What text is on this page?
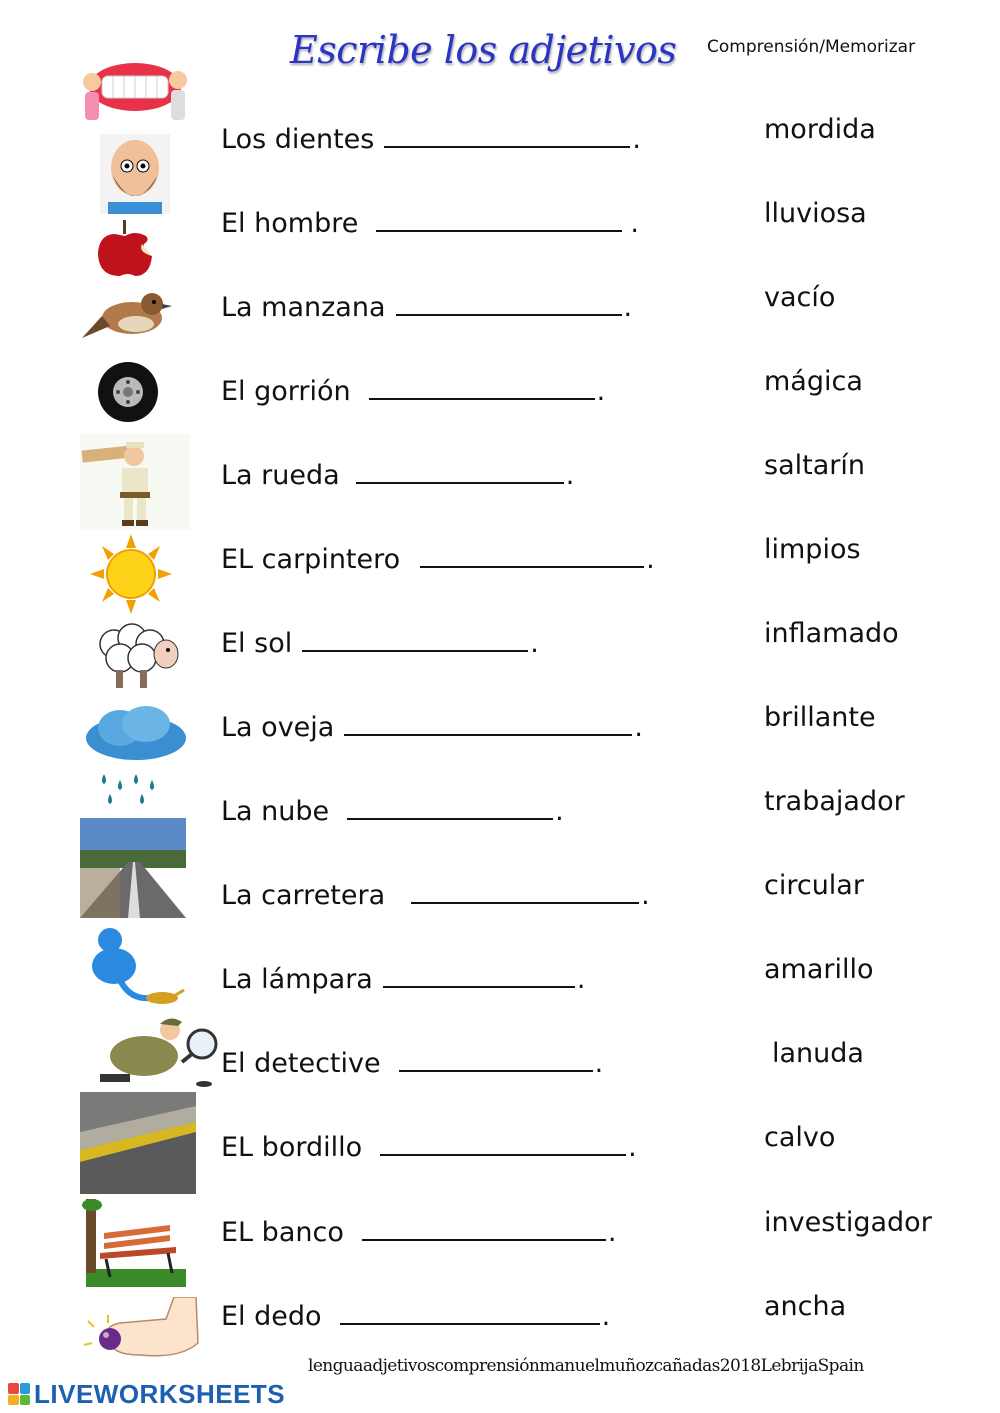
Escribe los adjetivos Comprensión/Memorizar
Los dientes	.	mordida
El hombre	.	lluviosa
La manzana	.	vacío
El gorrión	.	mágica
La rueda	.	saltarín
EL carpintero	.	limpios
El sol	.	inflamado
La oveja	.	brillante
La nube	.	trabajador
La carretera	.	circular
La lámpara	.	amarillo
El detective	.	lanuda
EL bordillo	.	calvo
EL banco	.	investigador
El dedo	.	ancha
lenguaadjetivoscomprensiónmanuelmuñozcañadas2018LebrijaSpain
LIVEWORKSHEETS
